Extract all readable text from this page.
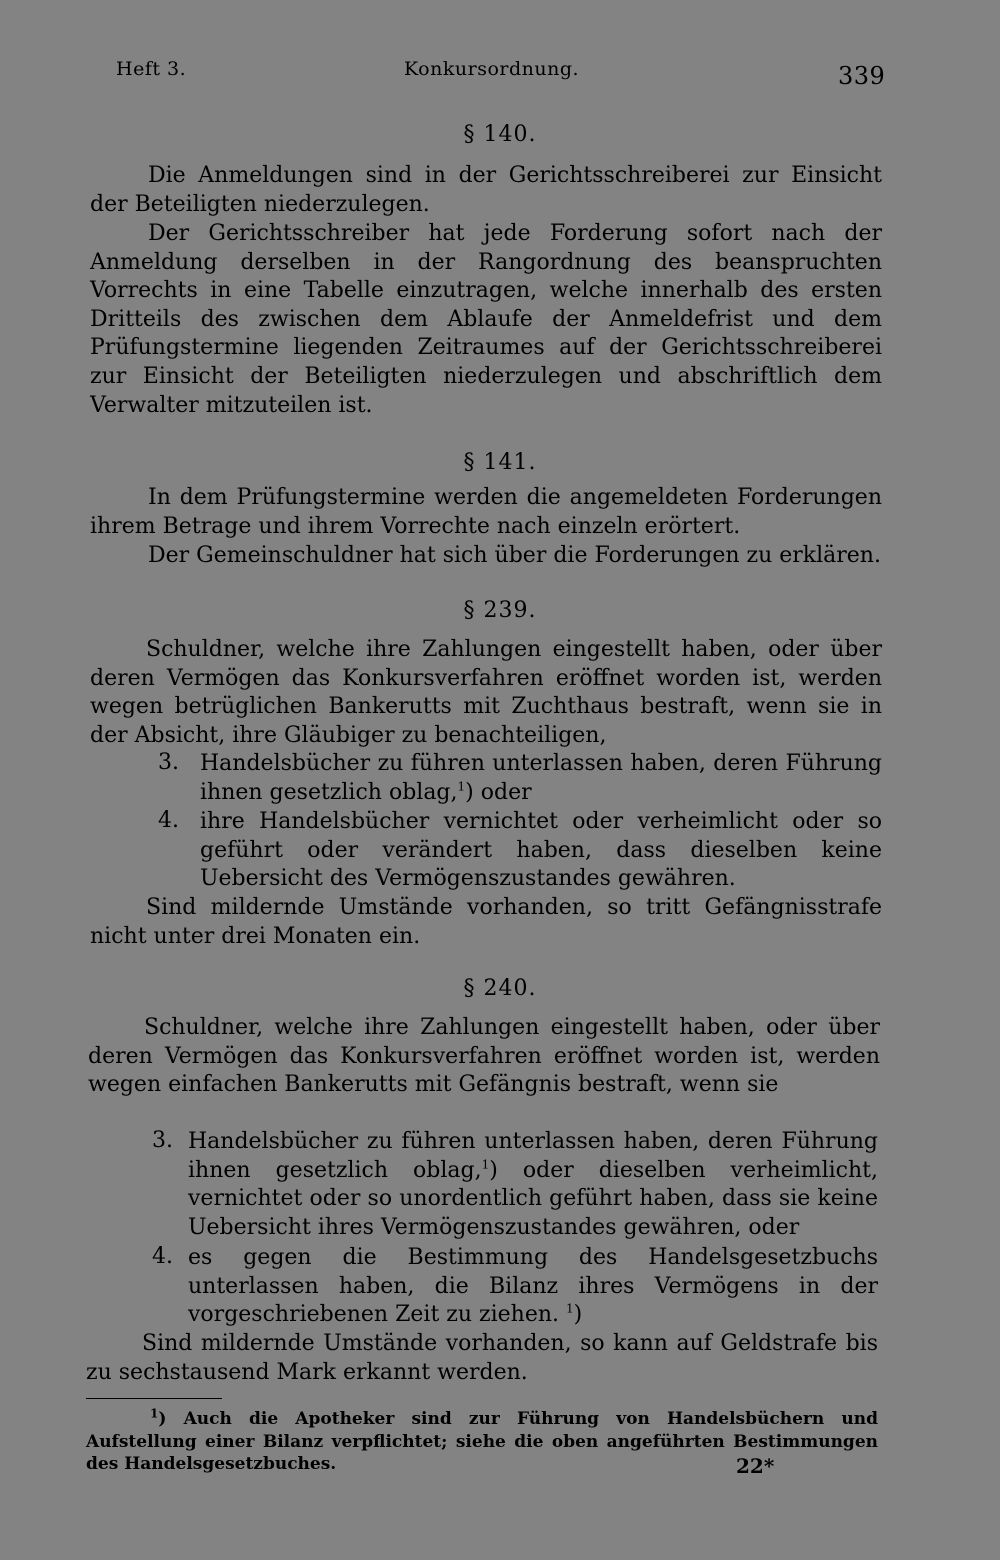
Heft 3.	Konkursordnung.	339
§ 140.
Die Anmeldungen sind in der Gerichtsschreiberei zur Einsicht der Beteiligten niederzulegen.
Der Gerichtsschreiber hat jede Forderung sofort nach der Anmeldung derselben in der Rangordnung des beanspruchten Vorrechts in eine Tabelle einzutragen, welche innerhalb des ersten Dritteils des zwischen dem Ablaufe der Anmeldefrist und dem Prüfungstermine liegenden Zeitraumes auf der Gerichtsschreiberei zur Einsicht der Beteiligten niederzulegen und abschriftlich dem Verwalter mitzuteilen ist.
§ 141.
In dem Prüfungstermine werden die angemeldeten Forderungen ihrem Betrage und ihrem Vorrechte nach einzeln erörtert.
Der Gemeinschuldner hat sich über die Forderungen zu erklären.
§ 239.
Schuldner, welche ihre Zahlungen eingestellt haben, oder über deren Vermögen das Konkursverfahren eröffnet worden ist, werden wegen betrüglichen Bankerutts mit Zuchthaus bestraft, wenn sie in der Absicht, ihre Gläubiger zu benachteiligen,
3. Handelsbücher zu führen unterlassen haben, deren Führung ihnen gesetzlich oblag,$^1$) oder
4. ihre Handelsbücher vernichtet oder verheimlicht oder so geführt oder verändert haben, dass dieselben keine Uebersicht des Vermögenszustandes gewähren.
Sind mildernde Umstände vorhanden, so tritt Gefängnisstrafe nicht unter drei Monaten ein.
§ 240.
Schuldner, welche ihre Zahlungen eingestellt haben, oder über deren Vermögen das Konkursverfahren eröffnet worden ist, werden wegen einfachen Bankerutts mit Gefängnis bestraft, wenn sie
3. Handelsbücher zu führen unterlassen haben, deren Führung ihnen gesetzlich oblag,$^1$) oder dieselben verheimlicht, vernichtet oder so unordentlich geführt haben, dass sie keine Uebersicht ihres Vermögenszustandes gewähren, oder
4. es gegen die Bestimmung des Handelsgesetzbuchs unterlassen haben, die Bilanz ihres Vermögens in der vorgeschriebenen Zeit zu ziehen. $^1$)
Sind mildernde Umstände vorhanden, so kann auf Geldstrafe bis zu sechstausend Mark erkannt werden.
$^1$) Auch die Apotheker sind zur Führung von Handelsbüchern und Aufstellung einer Bilanz verpflichtet; siehe die oben angeführten Bestimmungen des Handelsgesetzbuches.	22*
